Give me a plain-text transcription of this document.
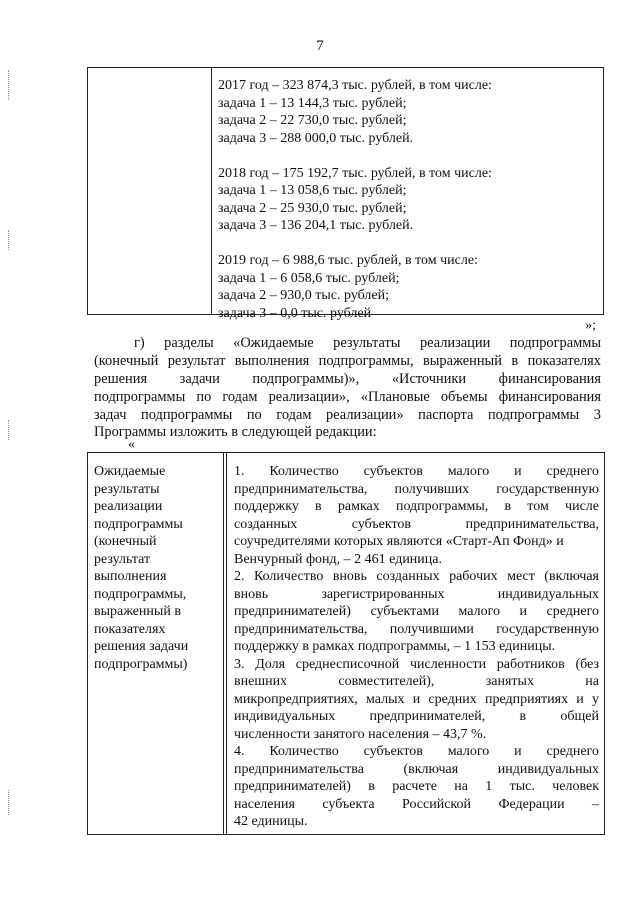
7
2017 год – 323 874,3 тыс. рублей, в том числе:
задача 1 – 13 144,3 тыс. рублей;
задача 2 – 22 730,0 тыс. рублей;
задача 3 – 288 000,0 тыс. рублей.
2018 год – 175 192,7 тыс. рублей, в том числе:
задача 1 – 13 058,6 тыс. рублей;
задача 2 – 25 930,0 тыс. рублей;
задача 3 – 136 204,1 тыс. рублей.
2019 год – 6 988,6 тыс. рублей, в том числе:
задача 1 – 6 058,6 тыс. рублей;
задача 2 – 930,0 тыс. рублей;
задача 3 – 0,0 тыс. рублей
»;
г) разделы «Ожидаемые результаты реализации подпрограммы
(конечный результат выполнения подпрограммы, выраженный в показателях
решения задачи подпрограммы)», «Источники финансирования
подпрограммы по годам реализации», «Плановые объемы финансирования
задач подпрограммы по годам реализации» паспорта подпрограммы 3
Программы изложить в следующей редакции:
«
Ожидаемые
результаты
реализации
подпрограммы
(конечный
результат
выполнения
подпрограммы,
выраженный в
показателях
решения задачи
подпрограммы)
1. Количество субъектов малого и среднего
предпринимательства, получивших государственную
поддержку в рамках подпрограммы, в том числе
созданных субъектов предпринимательства,
соучредителями которых являются «Старт-Ап Фонд» и
Венчурный фонд, – 2 461 единица.
2. Количество вновь созданных рабочих мест (включая
вновь зарегистрированных индивидуальных
предпринимателей) субъектами малого и среднего
предпринимательства, получившими государственную
поддержку в рамках подпрограммы, – 1 153 единицы.
3. Доля среднесписочной численности работников (без
внешних совместителей), занятых на
микропредприятиях, малых и средних предприятиях и у
индивидуальных предпринимателей, в общей
численности занятого населения – 43,7 %.
4. Количество субъектов малого и среднего
предпринимательства (включая индивидуальных
предпринимателей) в расчете на 1 тыс. человек
населения субъекта Российской Федерации –
42 единицы.
